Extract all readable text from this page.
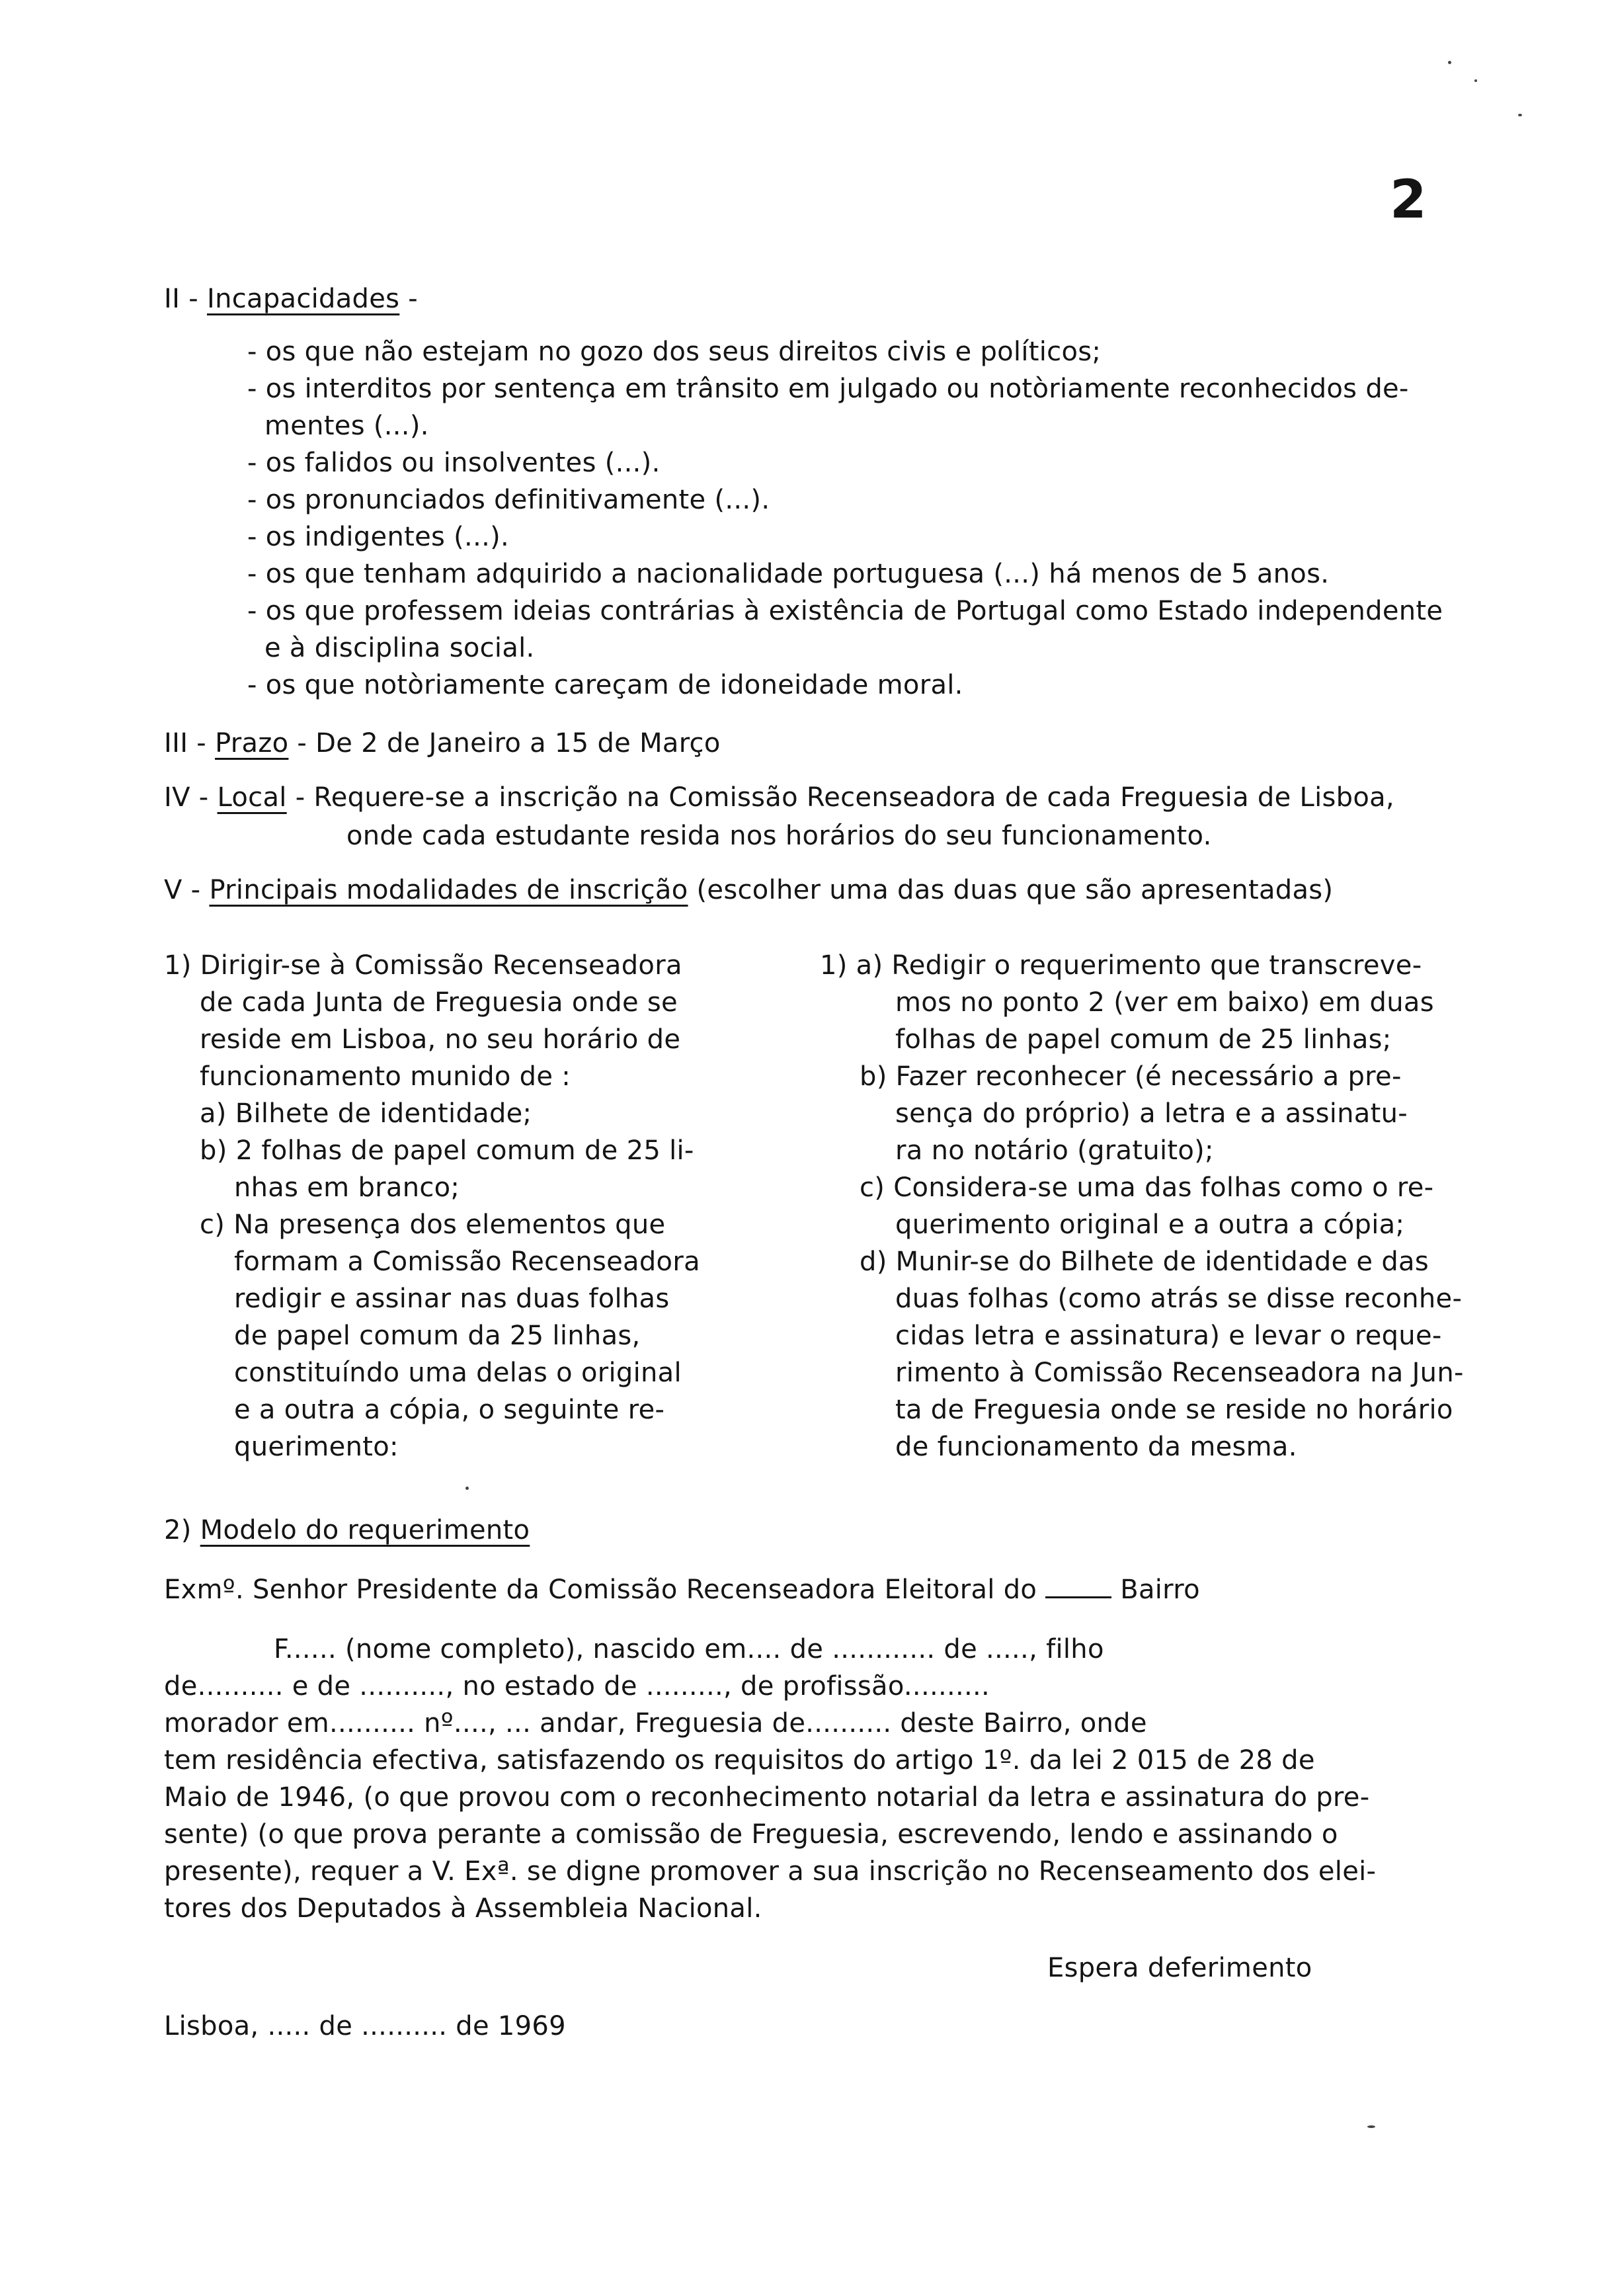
2
II - Incapacidades -
- os que não estejam no gozo dos seus direitos civis e políticos;
- os interditos por sentença em trânsito em julgado ou notòriamente reconhecidos de-
mentes (...).
- os falidos ou insolventes (...).
- os pronunciados definitivamente (...).
- os indigentes (...).
- os que tenham adquirido a nacionalidade portuguesa (...) há menos de 5 anos.
- os que professem ideias contrárias à existência de Portugal como Estado independente
e à disciplina social.
- os que notòriamente careçam de idoneidade moral.
III - Prazo - De 2 de Janeiro a 15 de Março
IV - Local - Requere-se a inscrição na Comissão Recenseadora de cada Freguesia de Lisboa,
onde cada estudante resida nos horários do seu funcionamento.
V - Principais modalidades de inscrição (escolher uma das duas que são apresentadas)
1) Dirigir-se à Comissão Recenseadora
de cada Junta de Freguesia onde se
reside em Lisboa, no seu horário de
funcionamento munido de :
a) Bilhete de identidade;
b) 2 folhas de papel comum de 25 li-
nhas em branco;
c) Na presença dos elementos que
formam a Comissão Recenseadora
redigir e assinar nas duas folhas
de papel comum da 25 linhas,
constituíndo uma delas o original
e a outra a cópia, o seguinte re-
querimento:
1) a) Redigir o requerimento que transcreve-
mos no ponto 2 (ver em baixo) em duas
folhas de papel comum de 25 linhas;
b) Fazer reconhecer (é necessário a pre-
sença do próprio) a letra e a assinatu-
ra no notário (gratuito);
c) Considera-se uma das folhas como o re-
querimento original e a outra a cópia;
d) Munir-se do Bilhete de identidade e das
duas folhas (como atrás se disse reconhe-
cidas letra e assinatura) e levar o reque-
rimento à Comissão Recenseadora na Jun-
ta de Freguesia onde se reside no horário
de funcionamento da mesma.
2) Modelo do requerimento
Exmº. Senhor Presidente da Comissão Recenseadora Eleitoral do	Bairro
F...... (nome completo), nascido em.... de ............ de ....., filho
de.......... e de .........., no estado de ........., de profissão..........
morador em.......... nº...., ... andar, Freguesia de.......... deste Bairro, onde
tem residência efectiva, satisfazendo os requisitos do artigo 1º. da lei 2 015 de 28 de
Maio de 1946, (o que provou com o reconhecimento notarial da letra e assinatura do pre-
sente) (o que prova perante a comissão de Freguesia, escrevendo, lendo e assinando o
presente), requer a V. Exª. se digne promover a sua inscrição no Recenseamento dos elei-
tores dos Deputados à Assembleia Nacional.
Espera deferimento
Lisboa, ..... de .......... de 1969
